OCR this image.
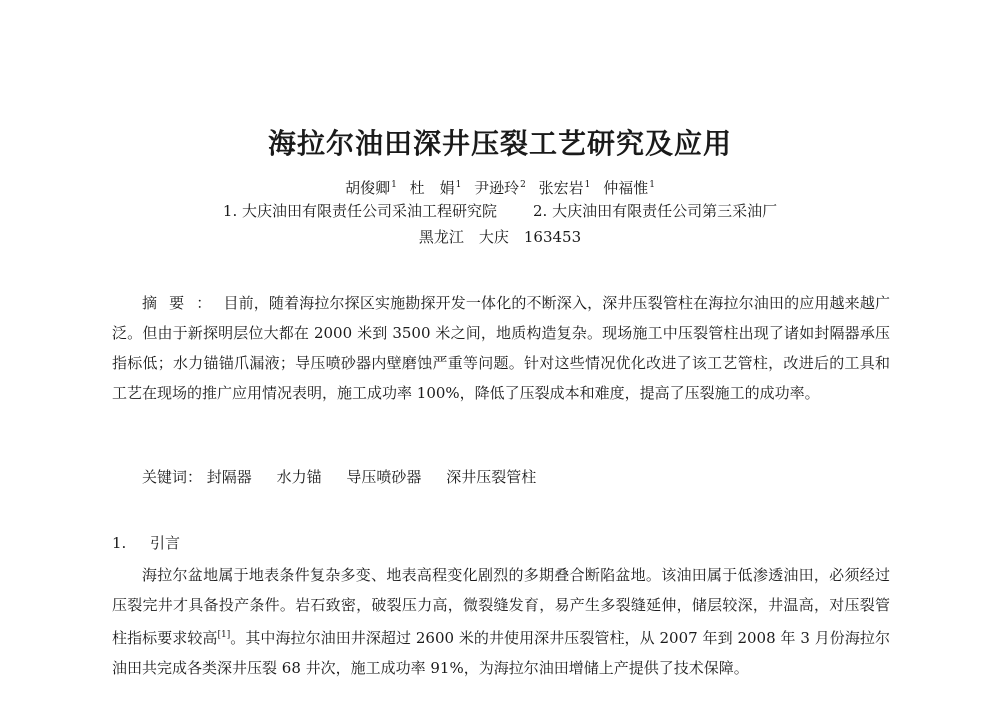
海拉尔油田深井压裂工艺研究及应用
胡俊卿$^1$ 杜　娟$^1$ 尹逊玲$^2$ 张宏岩$^1$ 仲福惟$^1$
1. 大庆油田有限责任公司采油工程研究院 2. 大庆油田有限责任公司第三采油厂
黑龙江　大庆　163453
摘要：目前，随着海拉尔探区实施勘探开发一体化的不断深入，深井压裂管柱在海拉尔油田的应用越来越广泛。但由于新探明层位大都在 2000 米到 3500 米之间，地质构造复杂。现场施工中压裂管柱出现了诸如封隔器承压指标低；水力锚锚爪漏液；导压喷砂器内壁磨蚀严重等问题。针对这些情况优化改进了该工艺管柱，改进后的工具和工艺在现场的推广应用情况表明，施工成功率 100%，降低了压裂成本和难度，提高了压裂施工的成功率。
关键词： 封隔器 水力锚 导压喷砂器 深井压裂管柱
1. 引言
海拉尔盆地属于地表条件复杂多变、地表高程变化剧烈的多期叠合断陷盆地。该油田属于低渗透油田，必须经过压裂完井才具备投产条件。岩石致密，破裂压力高，微裂缝发育，易产生多裂缝延伸，储层较深，井温高，对压裂管柱指标要求较高[1]。其中海拉尔油田井深超过 2600 米的井使用深井压裂管柱，从 2007 年到 2008 年 3 月份海拉尔油田共完成各类深井压裂 68 井次，施工成功率 91%，为海拉尔油田增储上产提供了技术保障。
